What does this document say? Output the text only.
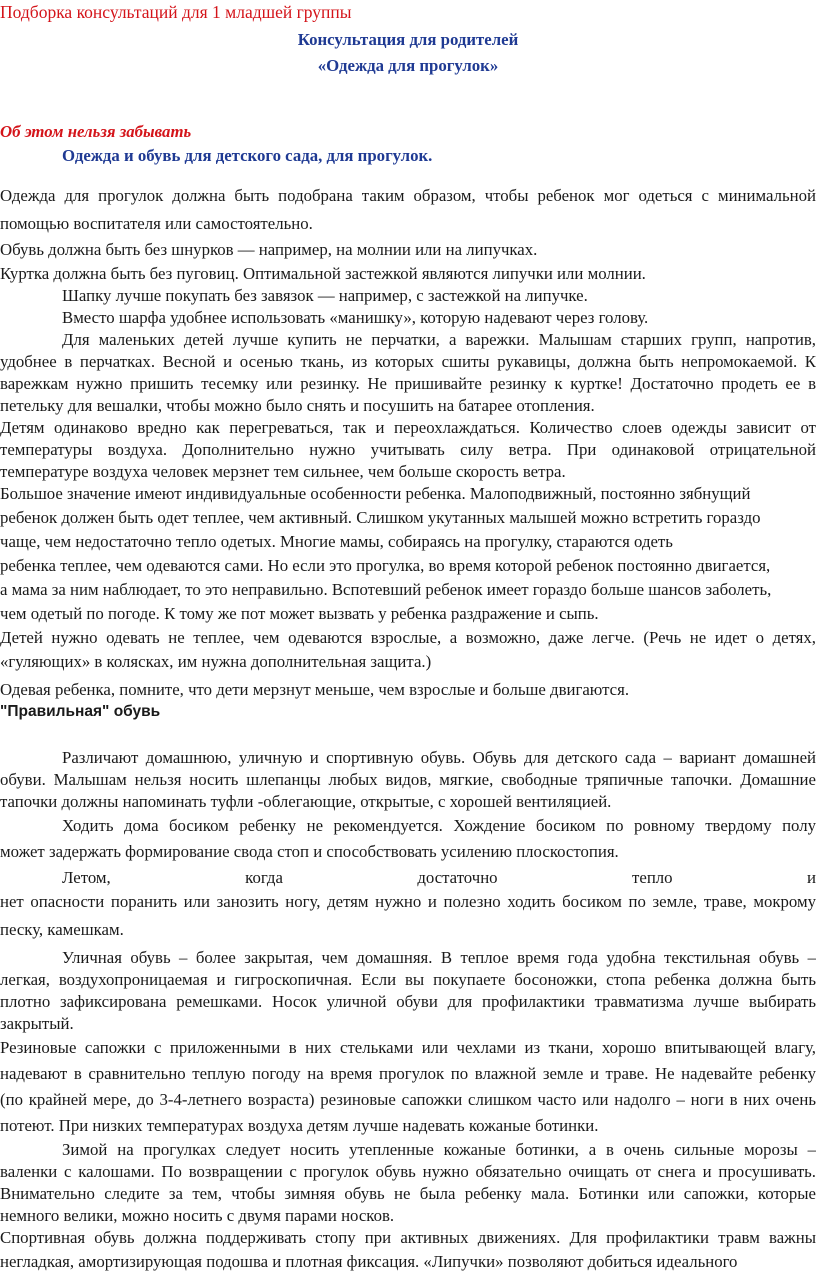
Подборка консультаций для 1 младшей группы
Консультация для родителей
«Одежда для прогулок»
Об этом нельзя забывать
Одежда и обувь для детского сада, для прогулок.
Одежда для прогулок должна быть подобрана таким образом, чтобы ребенок мог одеться с минимальной
помощью воспитателя или самостоятельно.
Обувь должна быть без шнурков — например, на молнии или на липучках.
Куртка должна быть без пуговиц. Оптимальной застежкой являются липучки или молнии.
Шапку лучше покупать без завязок — например, с застежкой на липучке.
Вместо шарфа удобнее использовать «манишку», которую надевают через голову.
Для маленьких детей лучше купить не перчатки, а варежки. Малышам старших групп, напротив,
удобнее в перчатках. Весной и осенью ткань, из которых сшиты рукавицы, должна быть непромокаемой. К
варежкам нужно пришить тесемку или резинку. Не пришивайте резинку к куртке! Достаточно продеть ее в
петельку для вешалки, чтобы можно было снять и посушить на батарее отопления.
Детям одинаково вредно как перегреваться, так и переохлаждаться. Количество слоев одежды зависит от
температуры воздуха. Дополнительно нужно учитывать силу ветра. При одинаковой отрицательной
температуре воздуха человек мерзнет тем сильнее, чем больше скорость ветра.
Большое значение имеют индивидуальные особенности ребенка. Малоподвижный, постоянно зябнущий
ребенок должен быть одет теплее, чем активный. Слишком укутанных малышей можно встретить гораздо
чаще, чем недостаточно тепло одетых. Многие мамы, собираясь на прогулку, стараются одеть
ребенка теплее, чем одеваются сами. Но если это прогулка, во время которой ребенок постоянно двигается,
а мама за ним наблюдает, то это неправильно. Вспотевший ребенок имеет гораздо больше шансов заболеть,
чем одетый по погоде. К тому же пот может вызвать у ребенка раздражение и сыпь.
Детей нужно одевать не теплее, чем одеваются взрослые, а возможно, даже легче. (Речь не идет о детях,
«гуляющих» в колясках, им нужна дополнительная защита.)
Одевая ребенка, помните, что дети мерзнут меньше, чем взрослые и больше двигаются.
"Правильная" обувь
Различают домашнюю, уличную и спортивную обувь. Обувь для детского сада – вариант домашней
обуви. Малышам нельзя носить шлепанцы любых видов, мягкие, свободные тряпичные тапочки. Домашние
тапочки должны напоминать туфли -облегающие, открытые, с хорошей вентиляцией.
Ходить дома босиком ребенку не рекомендуется. Хождение босиком по ровному твердому полу
может задержать формирование свода стоп и способствовать усилению плоскостопия.
Летом, когда достаточно тепло и
нет опасности поранить или занозить ногу, детям нужно и полезно ходить босиком по земле, траве, мокрому
песку, камешкам.
Уличная обувь – более закрытая, чем домашняя. В теплое время года удобна текстильная обувь –
легкая, воздухопроницаемая и гигроскопичная. Если вы покупаете босоножки, стопа ребенка должна быть
плотно зафиксирована ремешками. Носок уличной обуви для профилактики травматизма лучше выбирать
закрытый.
Резиновые сапожки с приложенными в них стельками или чехлами из ткани, хорошо впитывающей влагу,
надевают в сравнительно теплую погоду на время прогулок по влажной земле и траве. Не надевайте ребенку
(по крайней мере, до 3-4-летнего возраста) резиновые сапожки слишком часто или надолго – ноги в них очень
потеют. При низких температурах воздуха детям лучше надевать кожаные ботинки.
Зимой на прогулках следует носить утепленные кожаные ботинки, а в очень сильные морозы –
валенки с калошами. По возвращении с прогулок обувь нужно обязательно очищать от снега и просушивать.
Внимательно следите за тем, чтобы зимняя обувь не была ребенку мала. Ботинки или сапожки, которые
немного велики, можно носить с двумя парами носков.
Спортивная обувь должна поддерживать стопу при активных движениях. Для профилактики травм важны
негладкая, амортизирующая подошва и плотная фиксация. «Липучки» позволяют добиться идеального
